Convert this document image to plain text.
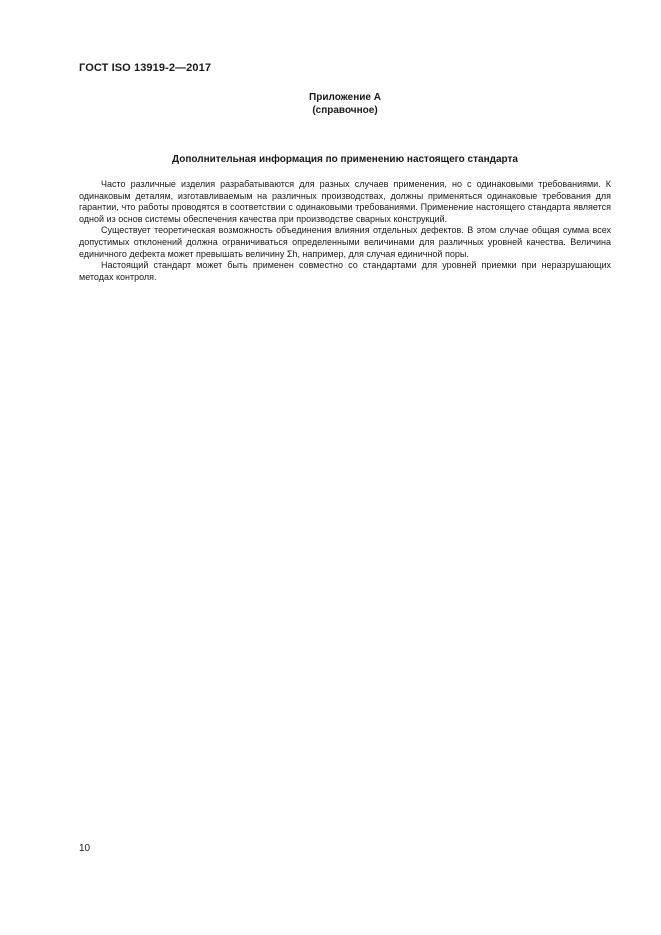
ГОСТ ISO 13919-2—2017
Приложение А
(справочное)
Дополнительная информация по применению настоящего стандарта

Часто различные изделия разрабатываются для разных случаев применения, но с одинаковыми требованиями. К одинаковым деталям, изготавливаемым на различных производствах, должны применяться одинаковые требования для гарантии, что работы проводятся в соответствии с одинаковыми требованиями. Применение настоящего стандарта является одной из основ системы обеспечения качества при производстве сварных конструкций.

Существует теоретическая возможность объединения влияния отдельных дефектов. В этом случае общая сумма всех допустимых отклонений должна ограничиваться определенными величинами для различных уровней качества. Величина единичного дефекта может превышать величину Σh, например, для случая единичной поры.

Настоящий стандарт может быть применен совместно со стандартами для уровней приемки при неразрушающих методах контроля.

10
